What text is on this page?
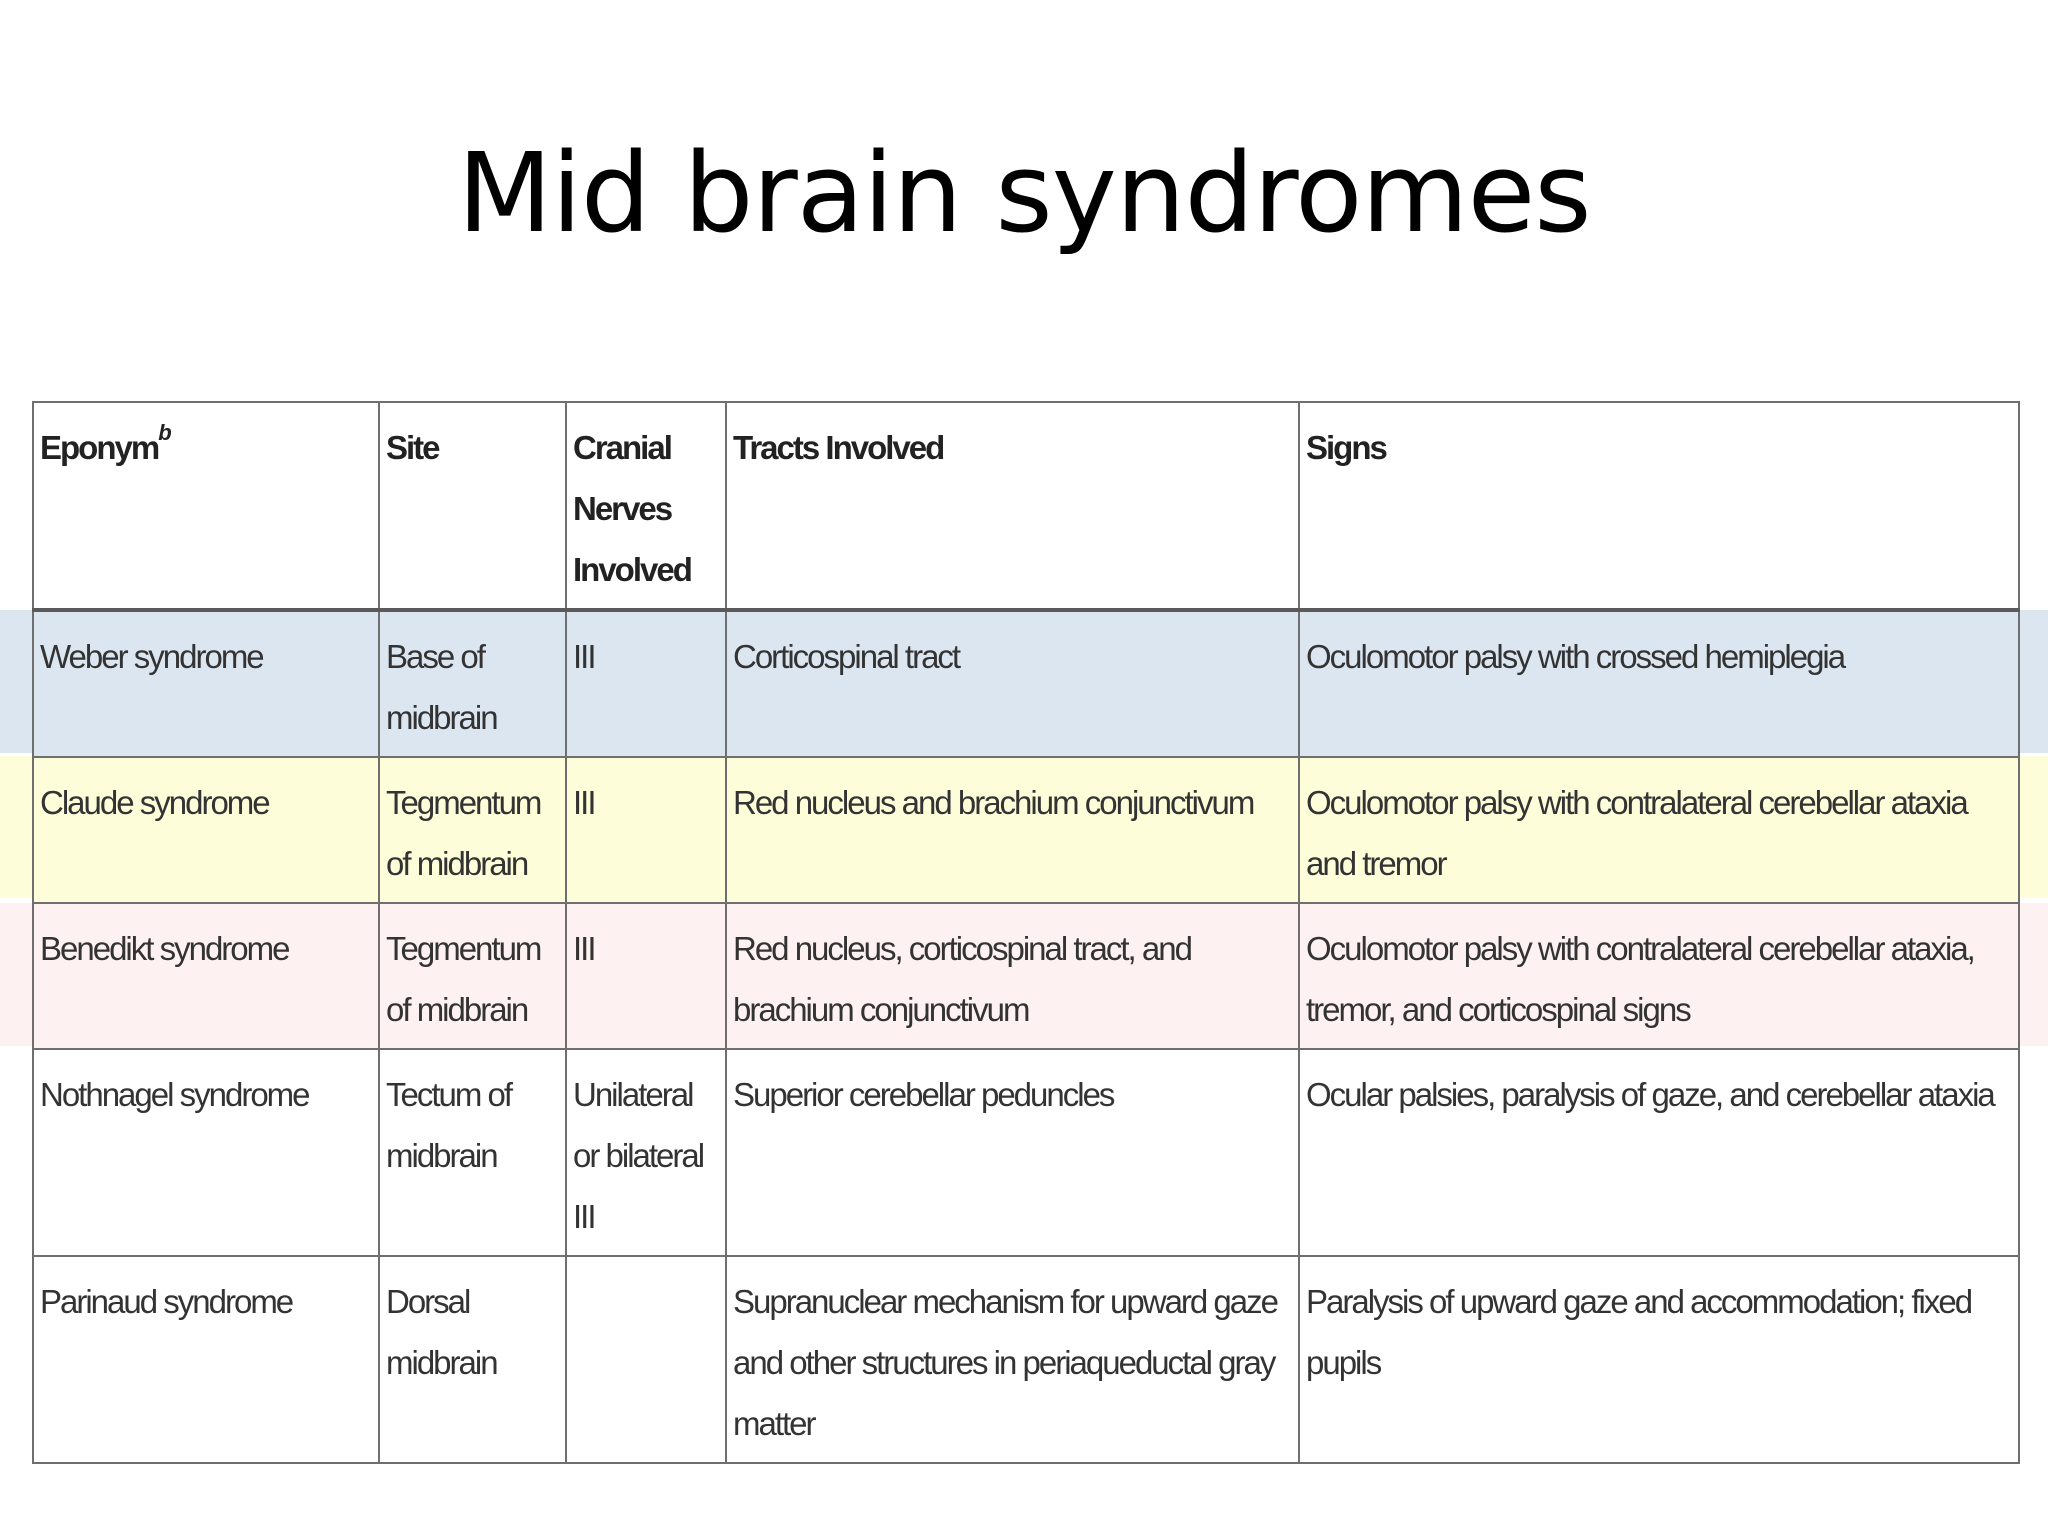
Mid brain syndromes
Eponym$^b$	Site	Cranial Nerves Involved	Tracts Involved	Signs
Weber syndrome	Base of midbrain	III	Corticospinal tract	Oculomotor palsy with crossed hemiplegia
Claude syndrome	Tegmentum of midbrain	III	Red nucleus and brachium conjunctivum	Oculomotor palsy with contralateral cerebellar ataxia and tremor
Benedikt syndrome	Tegmentum of midbrain	III	Red nucleus, corticospinal tract, and brachium conjunctivum	Oculomotor palsy with contralateral cerebellar ataxia, tremor, and corticospinal signs
Nothnagel syndrome	Tectum of midbrain	Unilateral or bilateral III	Superior cerebellar peduncles	Ocular palsies, paralysis of gaze, and cerebellar ataxia
Parinaud syndrome	Dorsal midbrain		Supranuclear mechanism for upward gaze and other structures in periaqueductal gray matter	Paralysis of upward gaze and accommodation; fixed pupils
